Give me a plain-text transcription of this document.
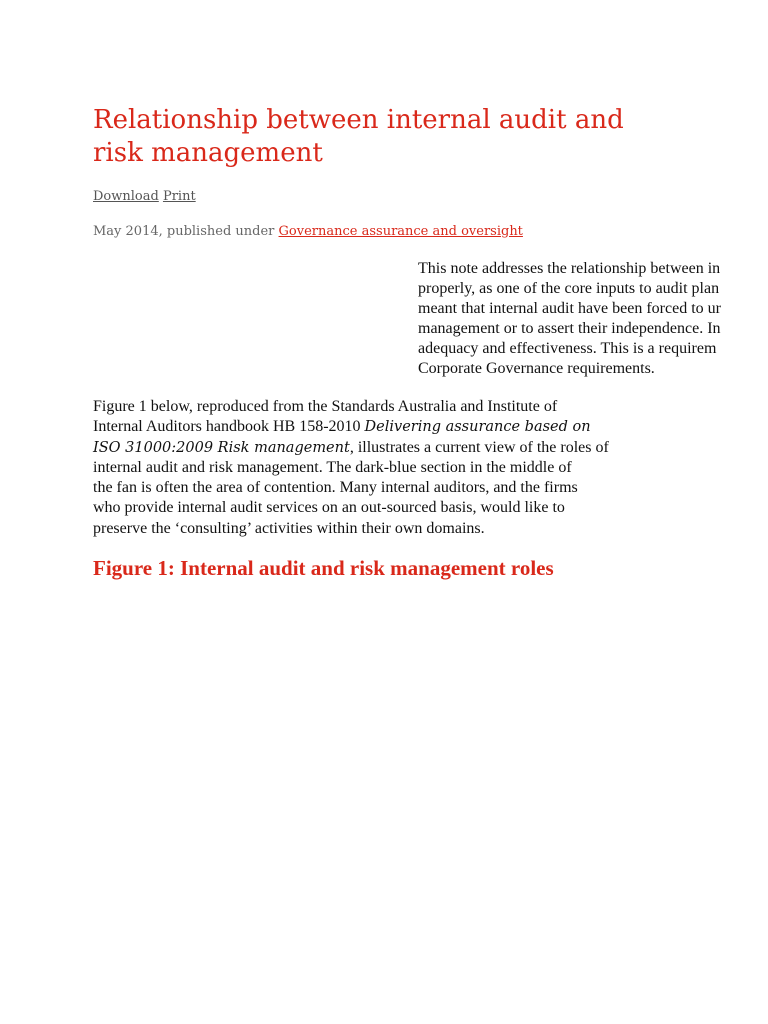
Relationship between internal audit and risk management
Download Print
May 2014, published under Governance assurance and oversight

This note addresses the relationship between in
properly, as one of the core inputs to audit plan
meant that internal audit have been forced to ur
management or to assert their independence. In
adequacy and effectiveness. This is a requirem
Corporate Governance requirements.

Figure 1 below, reproduced from the Standards Australia and Institute of
Internal Auditors handbook HB 158-2010 Delivering assurance based on
ISO 31000:2009 Risk management, illustrates a current view of the roles of
internal audit and risk management. The dark-blue section in the middle of
the fan is often the area of contention. Many internal auditors, and the firms
who provide internal audit services on an out-sourced basis, would like to
preserve the ‘consulting’ activities within their own domains.

Figure 1: Internal audit and risk management roles
